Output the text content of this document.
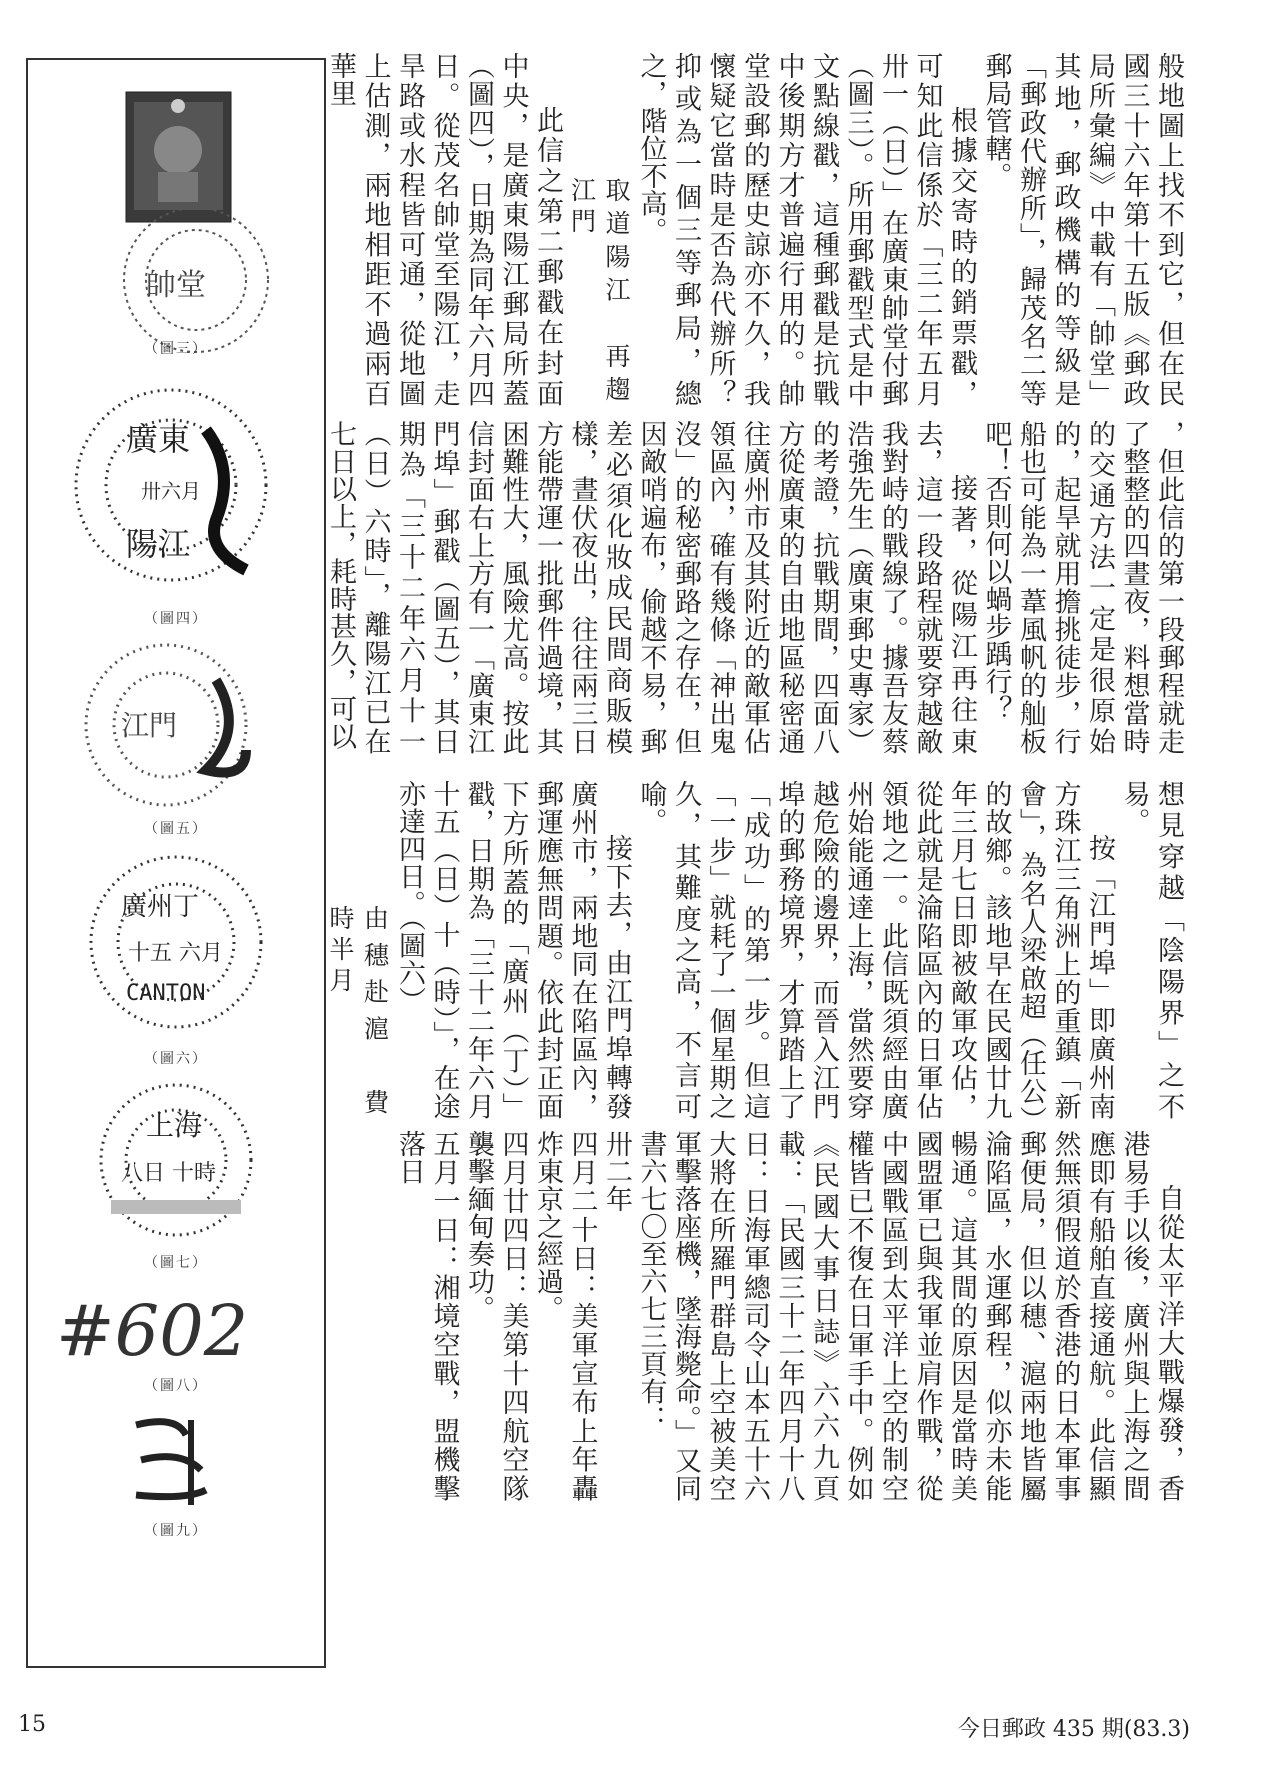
帥堂
（圖三）
廣東
卅六月
陽江
（圖四）
江門
（圖五）
廣州丁
十五 六月
CANTON
（圖六）
上海
八日 十時
（圖七）
#602
（圖八）
（圖九）

般地圖上找不到它，但在民國三十六年第十五版《郵政局所彙編》中載有「帥堂」其地，郵政機構的等級是「郵政代辦所」，歸茂名二等郵局管轄。

根據交寄時的銷票戳，可知此信係於「三二年五月卅一（日）」在廣東帥堂付郵（圖三）。所用郵戳型式是中文點線戳，這種郵戳是抗戰中後期方才普遍行用的。帥堂設郵的歷史諒亦不久，我懷疑它當時是否為代辦所？抑或為一個三等郵局，總之，階位不高。

取道陽江　再趨江門

此信之第二郵戳在封面中央，是廣東陽江郵局所蓋（圖四），日期為同年六月四日。從茂名帥堂至陽江，走旱路或水程皆可通，從地圖上估測，兩地相距不過兩百華里

，但此信的第一段郵程就走了整整的四晝夜，料想當時的交通方法一定是很原始的，起旱就用擔挑徒步，行船也可能為一葦風帆的舢板吧！否則何以蝸步踽行？

接著，從陽江再往東去，這一段路程就要穿越敵我對峙的戰線了。據吾友蔡浩強先生（廣東郵史專家）的考證，抗戰期間，四面八方從廣東的自由地區秘密通往廣州市及其附近的敵軍佔領區內，確有幾條「神出鬼沒」的秘密郵路之存在，但因敵哨遍布，偷越不易，郵差必須化妝成民間商販模樣，晝伏夜出，往往兩三日方能帶運一批郵件過境，其困難性大，風險尤高。按此信封面右上方有一「廣東江門埠」郵戳（圖五），其日期為「三十二年六月十一（日）六時」，離陽江已在七日以上，耗時甚久，可以

想見穿越「陰陽界」之不易。

按「江門埠」即廣州南方珠江三角洲上的重鎮「新會」，為名人梁啟超（任公）的故鄉。該地早在民國廿九年三月七日即被敵軍攻佔，從此就是淪陷區內的日軍佔領地之一。此信既須經由廣州始能通達上海，當然要穿越危險的邊界，而晉入江門埠的郵務境界，才算踏上了「成功」的第一步。但這「一步」就耗了一個星期之久，其難度之高，不言可喻。

接下去，由江門埠轉發廣州市，兩地同在陷區內，郵運應無問題。依此封正面下方所蓋的「廣州（丁）」戳，日期為「三十二年六月十五（日）十（時）」，在途亦達四日。（圖六）

由穗赴滬　費時半月

自從太平洋大戰爆發，香港易手以後，廣州與上海之間應即有船舶直接通航。此信顯然無須假道於香港的日本軍事郵便局，但以穗、滬兩地皆屬淪陷區，水運郵程，似亦未能暢通。這其間的原因是當時美國盟軍已與我軍並肩作戰，從中國戰區到太平洋上空的制空權皆已不復在日軍手中。例如《民國大事日誌》六六九頁載：「民國三十二年四月十八日：日海軍總司令山本五十六大將在所羅門群島上空被美空軍擊落座機，墜海斃命。」又同書六七〇至六七三頁有：

卅二年

四月二十日：美軍宣布上年轟炸東京之經過。

四月廿四日：美第十四航空隊襲擊緬甸奏功。

五月一日：湘境空戰，盟機擊落日

15	今日郵政 435 期(83.3)
